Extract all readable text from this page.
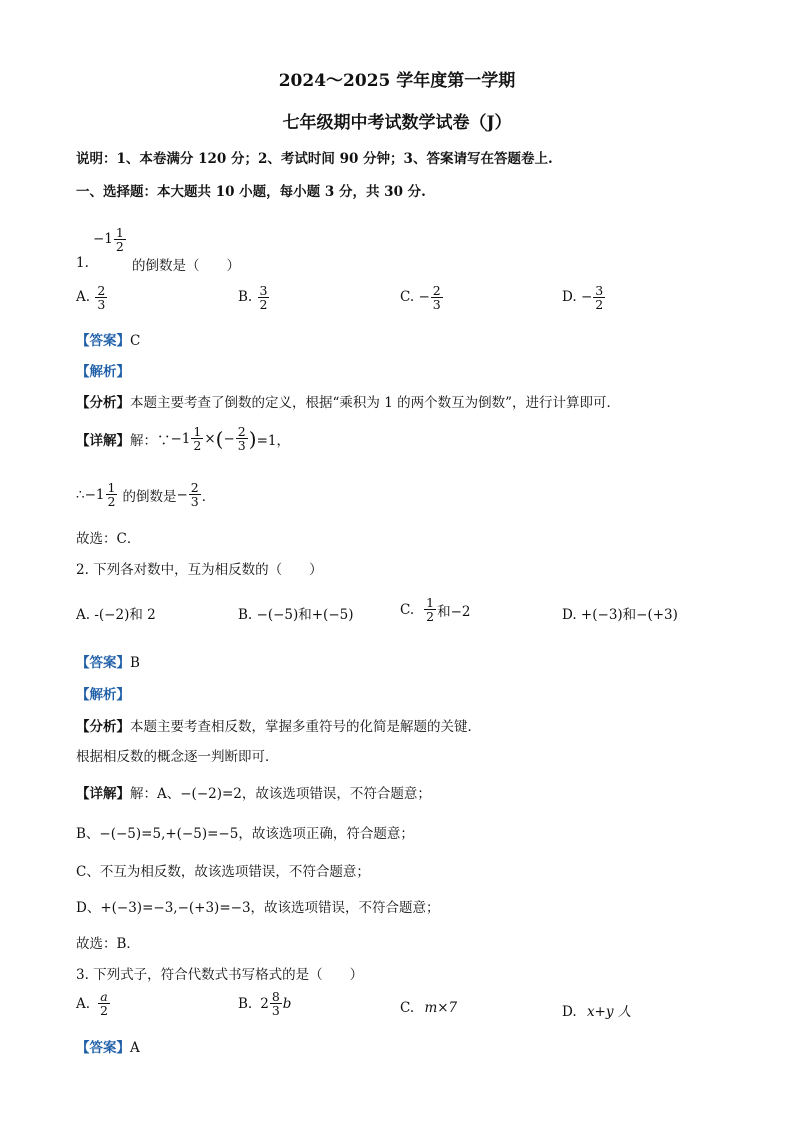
2024～2025 学年度第一学期
七年级期中考试数学试卷（J）
说明：1、本卷满分 120 分；2、考试时间 90 分钟；3、答案请写在答题卷上.
一、选择题：本大题共 10 小题，每小题 3 分，共 30 分.
$-1 \frac{1}{2}$
1.	的倒数是（　　）
A. $\frac{2}{3}$	B. $\frac{3}{2}$	C. − $\frac{2}{3}$	D. − $\frac{3}{2}$
【答案】C
【解析】
【分析】本题主要考查了倒数的定义，根据“乘积为 1 的两个数互为倒数”，进行计算即可．
【详解】 解：∵ $-1 \frac{1}{2}$ × ( − $\frac{2}{3}$ ) =1，
∴ $-1 \frac{1}{2}$ 的倒数是 − $\frac{2}{3}$ ．
故选：C．
2. 下列各对数中，互为相反数的（　　）
A. -(−2)和 2	B. −(−5)和+(−5)	C. $\frac{1}{2}$ 和−2	D. +(−3)和−(+3)
【答案】B
【解析】
【分析】本题主要考查相反数，掌握多重符号的化简是解题的关键．
根据相反数的概念逐一判断即可．
【详解】解：A、−(−2)=2，故该选项错误，不符合题意；
B、−(−5)=5,+(−5)=−5，故该选项正确，符合题意；
C、不互为相反数，故该选项错误，不符合题意；
D、+(−3)=−3,−(+3)=−3，故该选项错误，不符合题意；
故选：B．
3. 下列式子，符合代数式书写格式的是（　　）
A. $\frac{a}{2}$	B. $2 \frac{8}{3}$ b	C. m×7	D. x+y 人
【答案】A
